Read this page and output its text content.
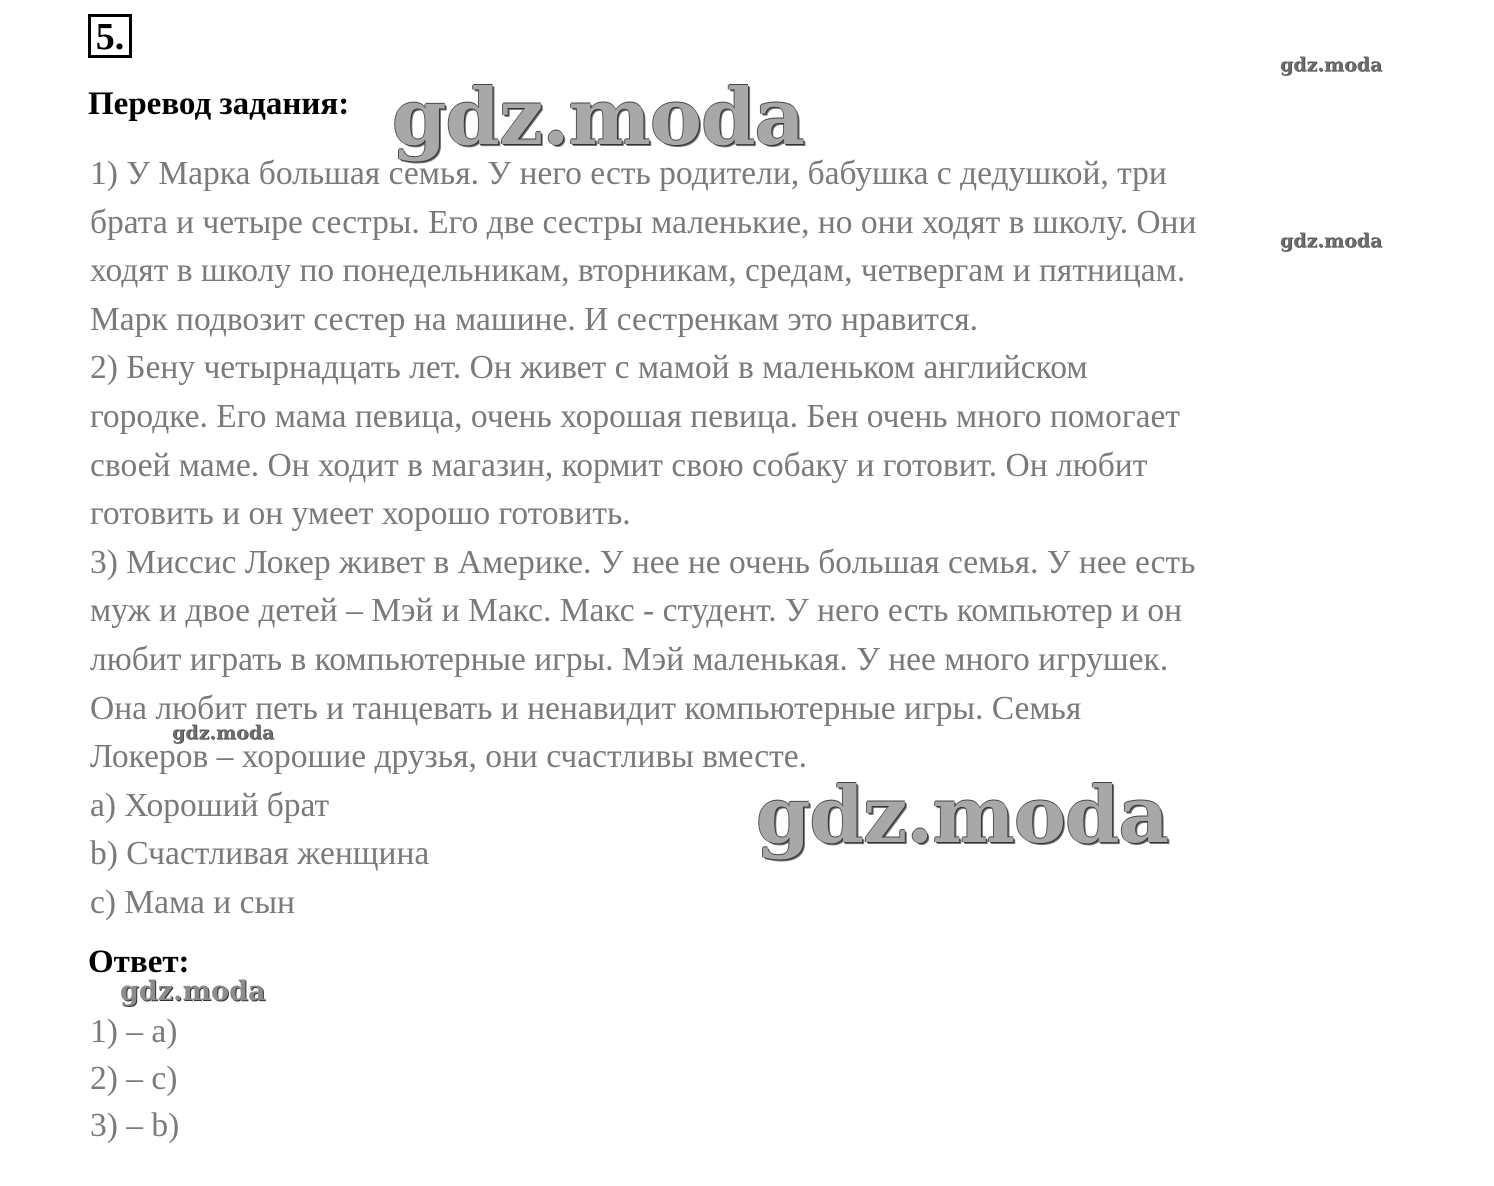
5.
Перевод задания:
1) У Марка большая семья. У него есть родители, бабушка с дедушкой, три
брата и четыре сестры. Его две сестры маленькие, но они ходят в школу. Они
ходят в школу по понедельникам, вторникам, средам, четвергам и пятницам.
Марк подвозит сестер на машине. И сестренкам это нравится.
2) Бену четырнадцать лет. Он живет с мамой в маленьком английском
городке. Его мама певица, очень хорошая певица. Бен очень много помогает
своей маме. Он ходит в магазин, кормит свою собаку и готовит. Он любит
готовить и он умеет хорошо готовить.
3) Миссис Локер живет в Америке. У нее не очень большая семья. У нее есть
муж и двое детей – Мэй и Макс. Макс - студент. У него есть компьютер и он
любит играть в компьютерные игры. Мэй маленькая. У нее много игрушек.
Она любит петь и танцевать и ненавидит компьютерные игры. Семья
Локеров – хорошие друзья, они счастливы вместе.
a) Хороший брат
b) Счастливая женщина
c) Мама и сын
Ответ:
1) – a)
2) – c)
3) – b)
gdz.moda
gdz.moda
gdz.moda
gdz.moda
gdz.moda
gdz.moda
